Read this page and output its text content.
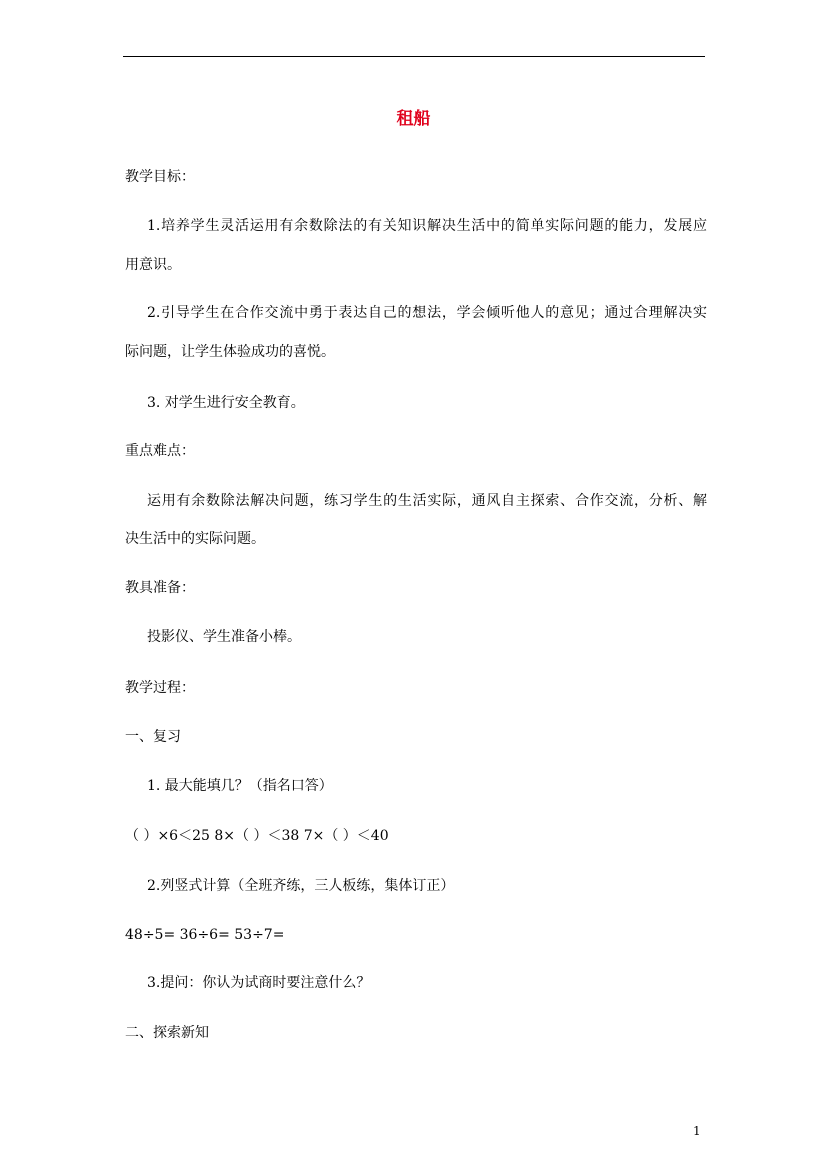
租船
教学目标：
1.培养学生灵活运用有余数除法的有关知识解决生活中的简单实际问题的能力，发展应
用意识。
2.引导学生在合作交流中勇于表达自己的想法，学会倾听他人的意见；通过合理解决实
际问题，让学生体验成功的喜悦。
3. 对学生进行安全教育。
重点难点：
运用有余数除法解决问题，练习学生的生活实际，通风自主探索、合作交流，分析、解
决生活中的实际问题。
教具准备：
投影仪、学生准备小棒。
教学过程：
一、复习
1. 最大能填几？（指名口答）
（ ）×6＜25 8×（ ）＜38 7×（ ）＜40
2.列竖式计算（全班齐练，三人板练，集体订正）
48÷5= 36÷6= 53÷7=
3.提问：你认为试商时要注意什么？
二、探索新知
1
